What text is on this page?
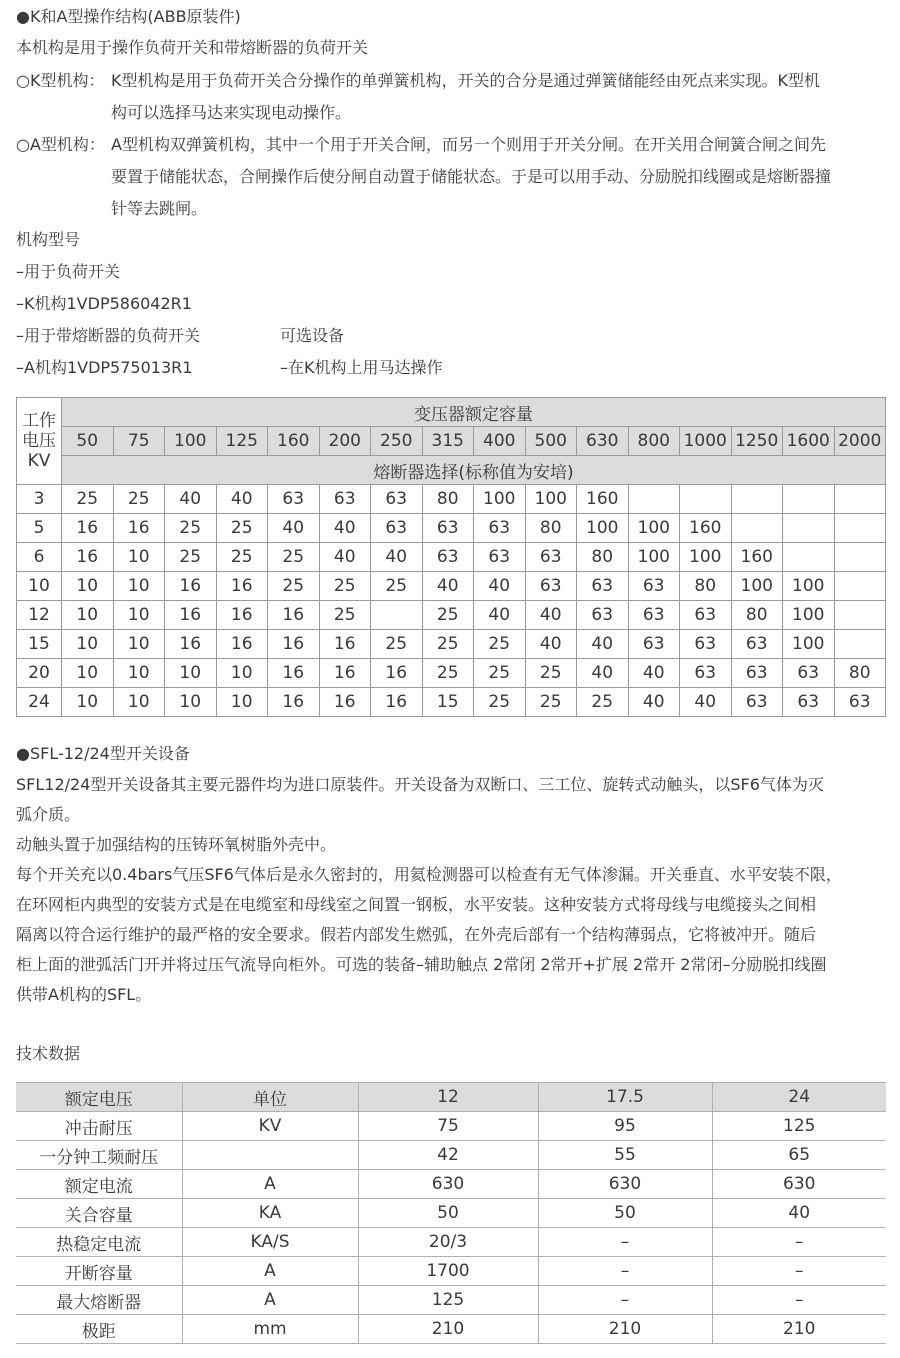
●K和A型操作结构(ABB原装件)
本机构是用于操作负荷开关和带熔断器的负荷开关
○K型机构： K型机构是用于负荷开关合分操作的单弹簧机构，开关的合分是通过弹簧储能经由死点来实现。K型机
构可以选择马达来实现电动操作。
○A型机构： A型机构双弹簧机构，其中一个用于开关合闸，而另一个则用于开关分闸。在开关用合闸簧合闸之间先
要置于储能状态，合闸操作后使分闸自动置于储能状态。于是可以用手动、分励脱扣线圈或是熔断器撞
针等去跳闸。
机构型号
–用于负荷开关
–K机构1VDP586042R1
–用于带熔断器的负荷开关	可选设备
–A机构1VDP575013R1	–在K机构上用马达操作
工作
电压
KV	变压器额定容量															
	50	75	100	125	160	200	250	315	400	500	630	800	1000	1250	1600	2000
	熔断器选择(标称值为安培)															
3	25	25	40	40	63	63	63	80	100	100	160					
5	16	16	25	25	40	40	63	63	63	80	100	100	160			
6	16	10	25	25	25	40	40	63	63	63	80	100	100	160		
10	10	10	16	16	25	25	25	40	40	63	63	63	80	100	100	
12	10	10	16	16	16	25		25	40	40	63	63	63	80	100	
15	10	10	16	16	16	16	25	25	25	40	40	63	63	63	100	
20	10	10	10	10	16	16	16	25	25	25	40	40	63	63	63	80
24	10	10	10	10	16	16	16	15	25	25	25	40	40	63	63	63
●SFL-12/24型开关设备
SFL12/24型开关设备其主要元器件均为进口原装件。开关设备为双断口、三工位、旋转式动触头，以SF6气体为灭
弧介质。
动触头置于加强结构的压铸环氧树脂外壳中。
每个开关充以0.4bars气压SF6气体后是永久密封的，用氦检测器可以检查有无气体渗漏。开关垂直、水平安装不限，
在环网柜内典型的安装方式是在电缆室和母线室之间置一钢板，水平安装。这种安装方式将母线与电缆接头之间相
隔离以符合运行维护的最严格的安全要求。假若内部发生燃弧，在外壳后部有一个结构薄弱点，它将被冲开。随后
柜上面的泄弧活门开并将过压气流导向柜外。可选的装备–辅助触点 2常闭 2常开+扩展 2常开 2常闭–分励脱扣线圈
供带A机构的SFL。
技术数据
额定电压	单位	12	17.5	24
冲击耐压	KV	75	95	125
一分钟工频耐压		42	55	65
额定电流	A	630	630	630
关合容量	KA	50	50	40
热稳定电流	KA/S	20/3	–	–
开断容量	A	1700	–	–
最大熔断器	A	125	–	–
极距	mm	210	210	210
